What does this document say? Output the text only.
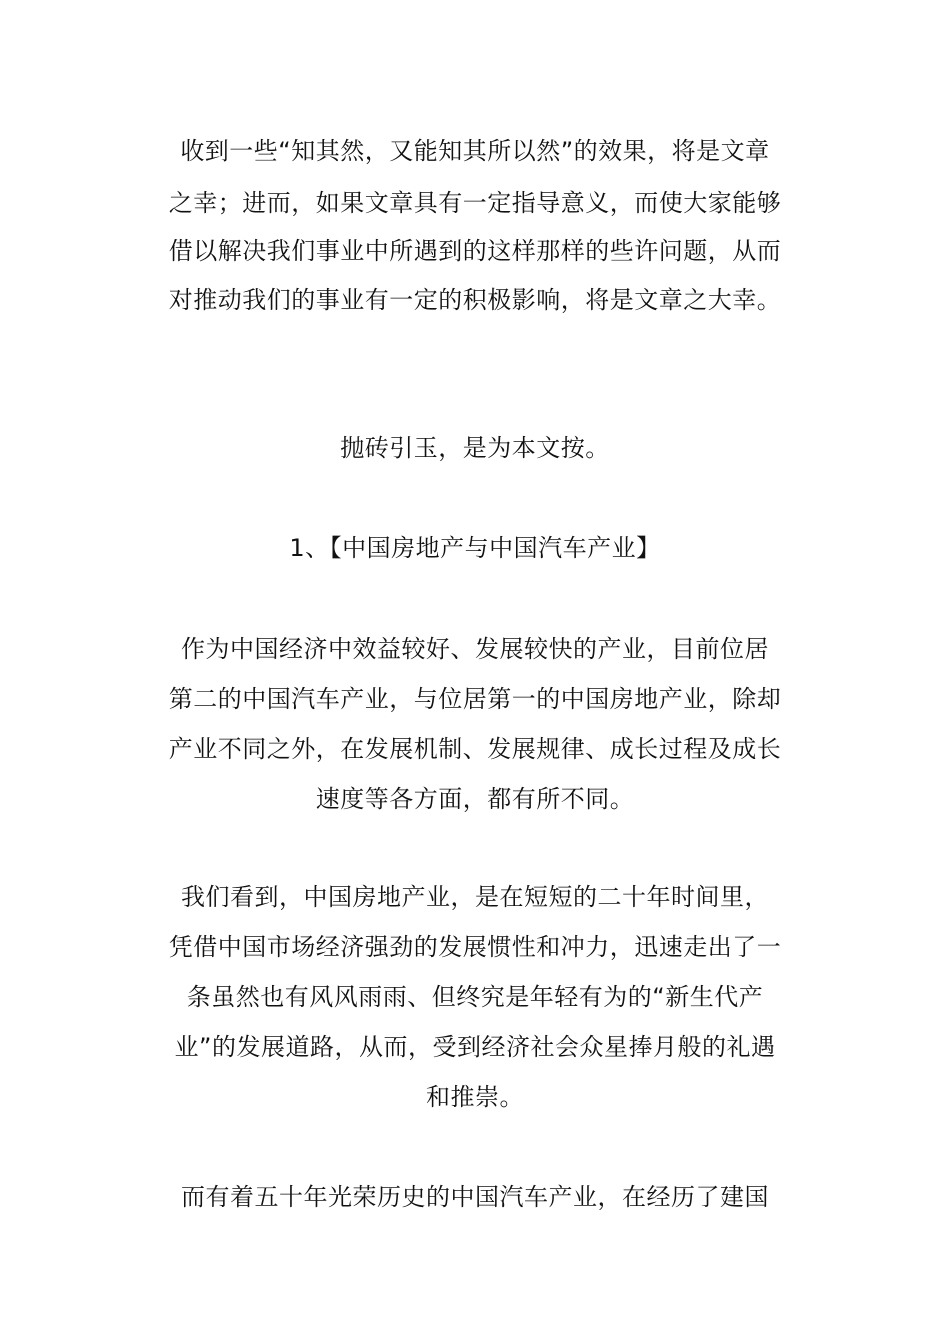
收到一些“知其然，又能知其所以然”的效果，将是文章
之幸；进而，如果文章具有一定指导意义，而使大家能够
借以解决我们事业中所遇到的这样那样的些许问题，从而
对推动我们的事业有一定的积极影响，将是文章之大幸。
抛砖引玉，是为本文按。
1、【中国房地产与中国汽车产业】
作为中国经济中效益较好、发展较快的产业，目前位居
第二的中国汽车产业，与位居第一的中国房地产业，除却
产业不同之外，在发展机制、发展规律、成长过程及成长
速度等各方面，都有所不同。
我们看到，中国房地产业，是在短短的二十年时间里，
凭借中国市场经济强劲的发展惯性和冲力，迅速走出了一
条虽然也有风风雨雨、但终究是年轻有为的“新生代产
业”的发展道路，从而，受到经济社会众星捧月般的礼遇
和推崇。
而有着五十年光荣历史的中国汽车产业，在经历了建国
